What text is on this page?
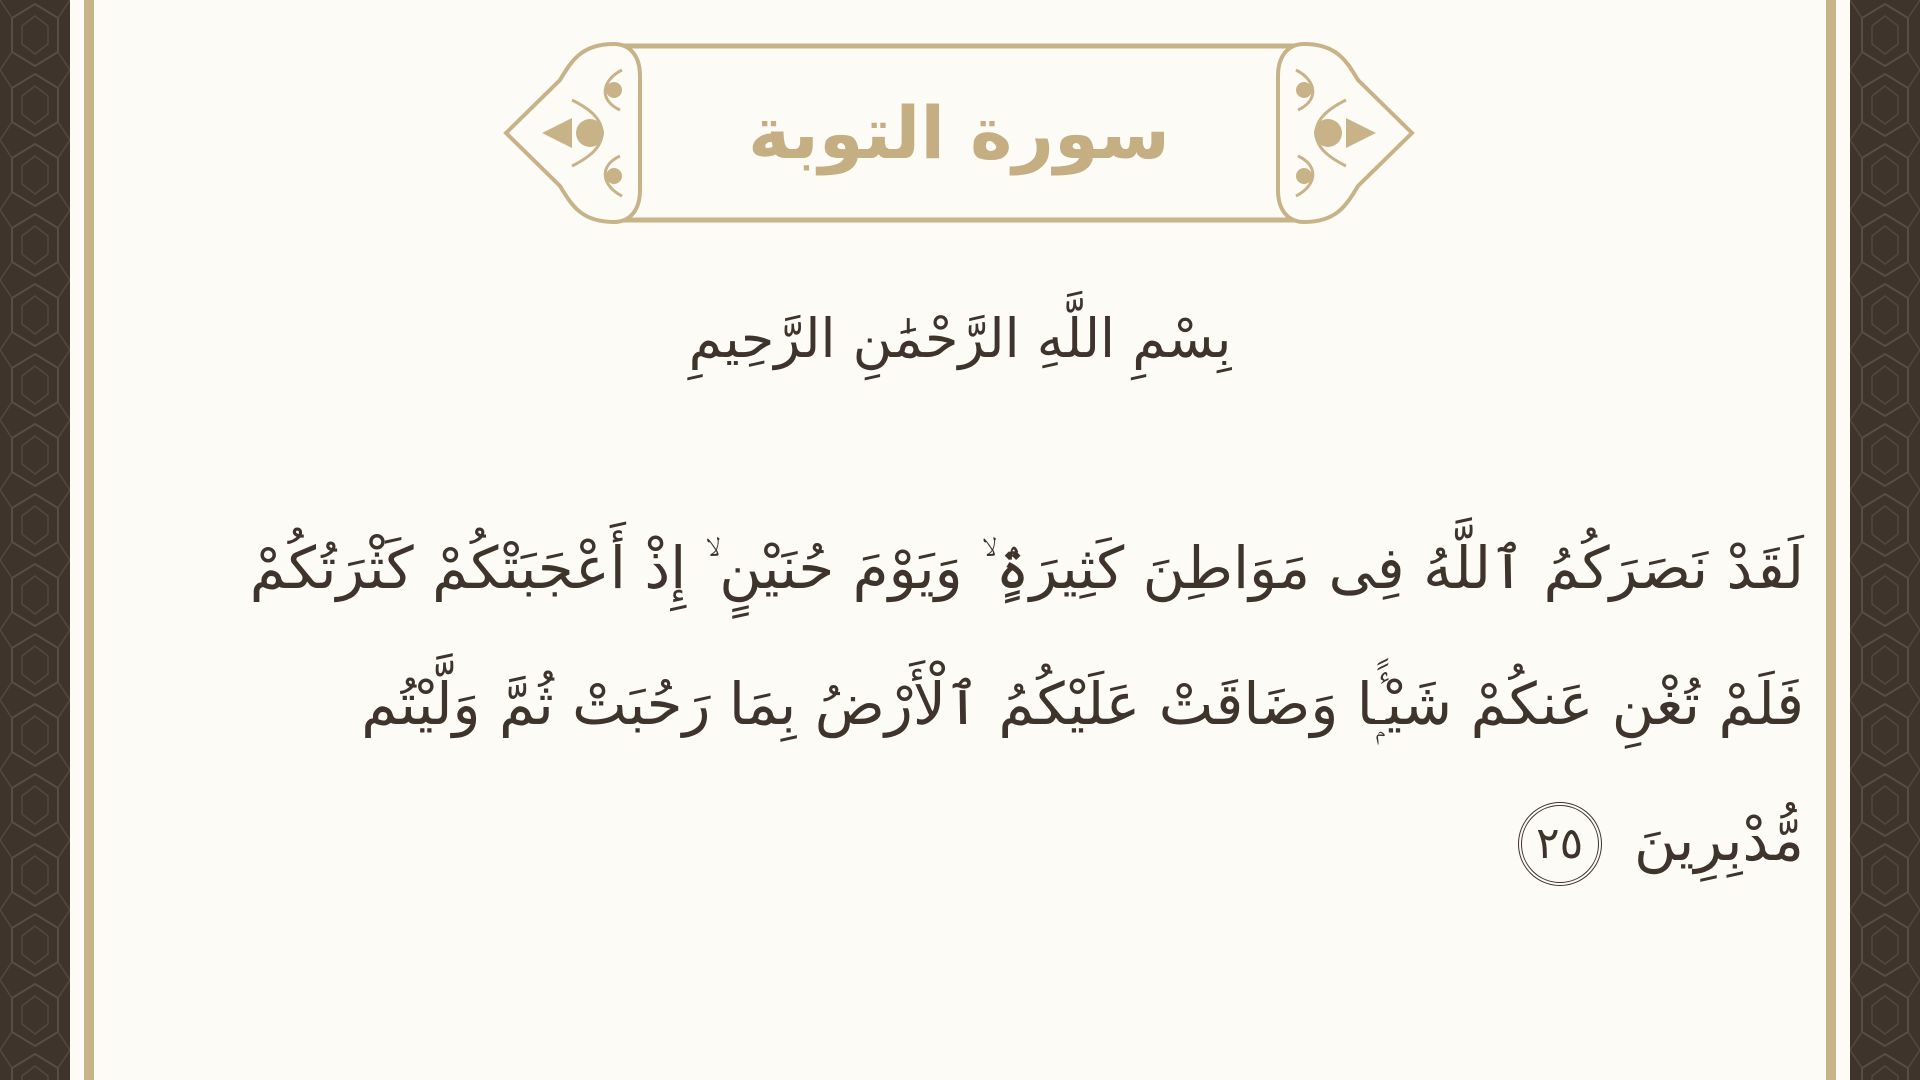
سورة التوبة
بِسْمِ اللَّهِ الرَّحْمَٰنِ الرَّحِيمِ
لَقَدْ نَصَرَكُمُ ٱللَّهُ فِى مَوَاطِنَ كَثِيرَةٍۢ ۙ وَيَوْمَ حُنَيْنٍ ۙ إِذْ أَعْجَبَتْكُمْ كَثْرَتُكُمْ فَلَمْ تُغْنِ عَنكُمْ شَيْـًۭٔا وَضَاقَتْ عَلَيْكُمُ ٱلْأَرْضُ بِمَا رَحُبَتْ ثُمَّ وَلَّيْتُم مُّدْبِرِينَ
٢٥
